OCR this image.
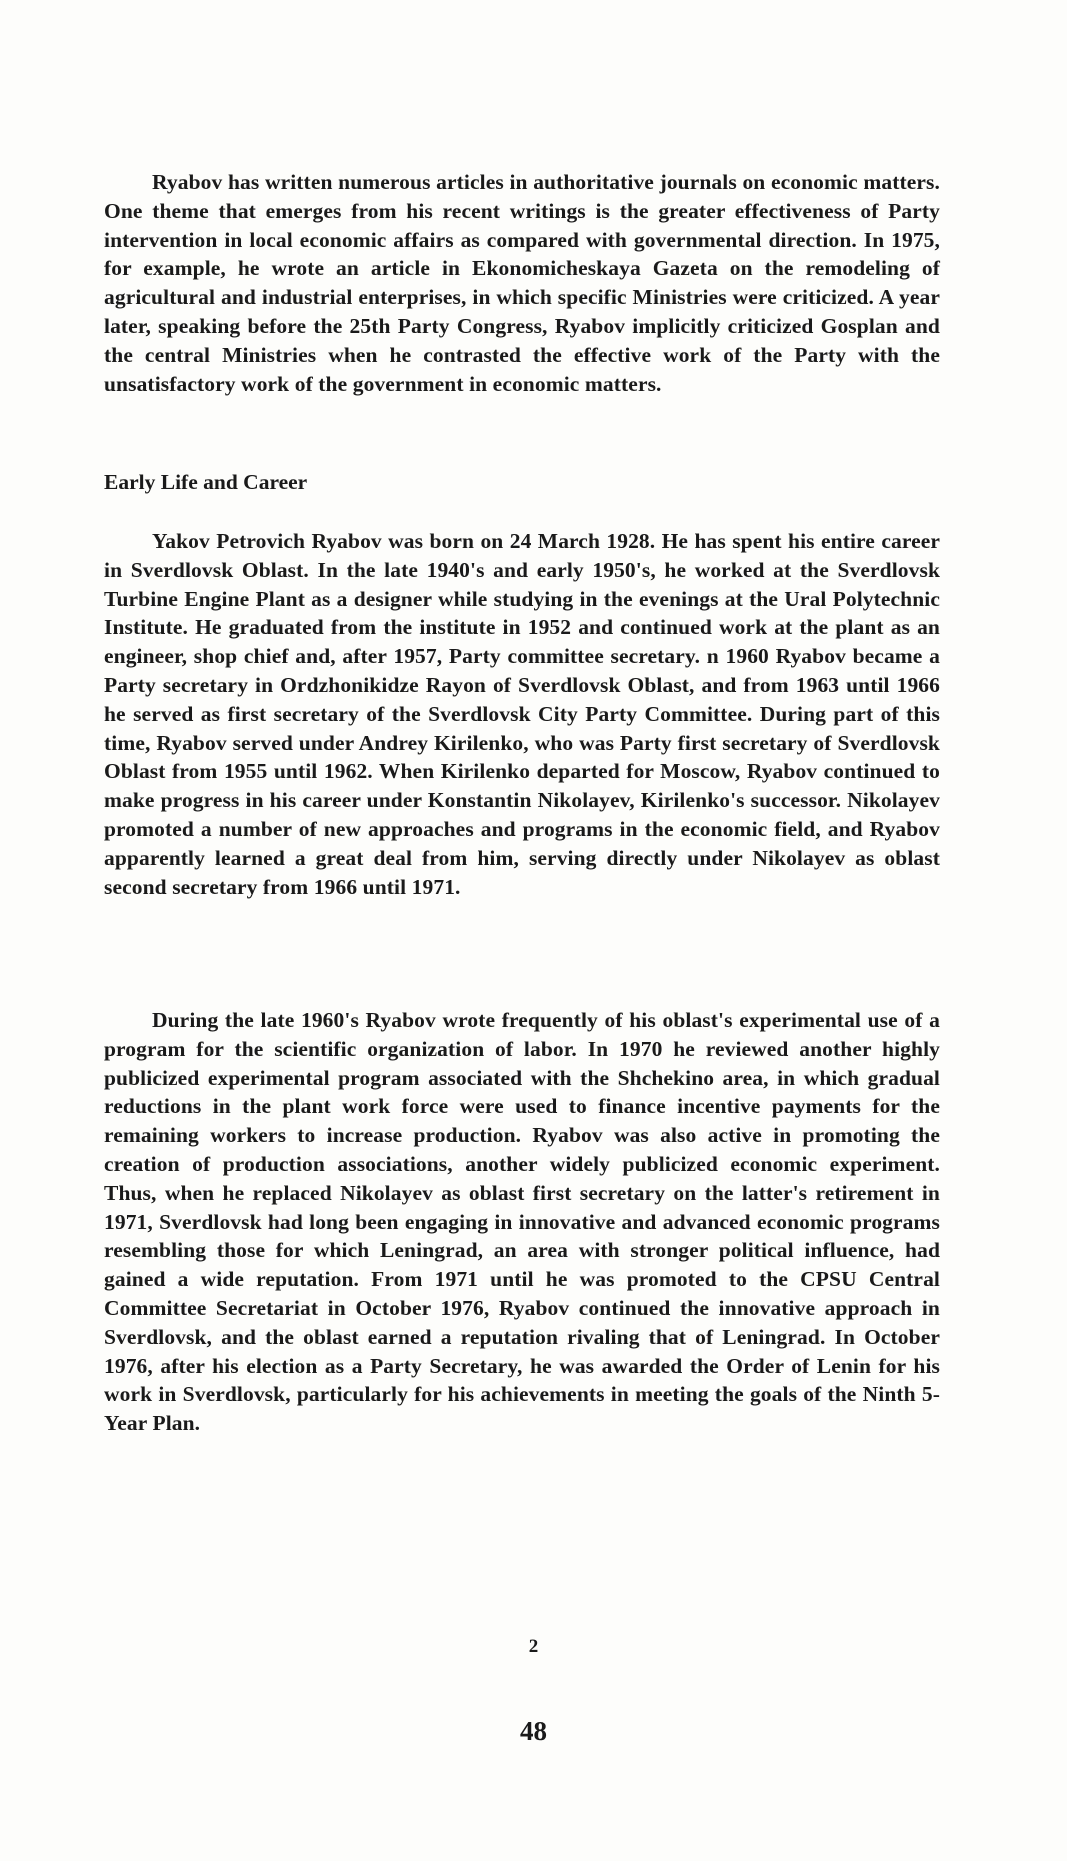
Ryabov has written numerous articles in authoritative journals on economic matters. One theme that emerges from his recent writings is the greater effectiveness of Party intervention in local economic affairs as compared with governmental direction. In 1975, for example, he wrote an article in Ekonomicheskaya Gazeta on the remodeling of agricultural and industrial enterprises, in which specific Ministries were criticized. A year later, speaking before the 25th Party Congress, Ryabov implicitly criticized Gosplan and the central Ministries when he contrasted the effective work of the Party with the unsatisfactory work of the government in economic matters.

Early Life and Career

Yakov Petrovich Ryabov was born on 24 March 1928. He has spent his entire career in Sverdlovsk Oblast. In the late 1940's and early 1950's, he worked at the Sverdlovsk Turbine Engine Plant as a designer while studying in the evenings at the Ural Polytechnic Institute. He graduated from the institute in 1952 and continued work at the plant as an engineer, shop chief and, after 1957, Party committee secretary. n 1960 Ryabov became a Party secretary in Ordzhonikidze Rayon of Sverdlovsk Oblast, and from 1963 until 1966 he served as first secretary of the Sverdlovsk City Party Committee. During part of this time, Ryabov served under Andrey Kirilenko, who was Party first secretary of Sverdlovsk Oblast from 1955 until 1962. When Kirilenko departed for Moscow, Ryabov continued to make progress in his career under Konstantin Nikolayev, Kirilenko's successor. Nikolayev promoted a number of new approaches and programs in the economic field, and Ryabov apparently learned a great deal from him, serving directly under Nikolayev as oblast second secretary from 1966 until 1971.

During the late 1960's Ryabov wrote frequently of his oblast's experimental use of a program for the scientific organization of labor. In 1970 he reviewed another highly publicized experimental program associated with the Shchekino area, in which gradual reductions in the plant work force were used to finance incentive payments for the remaining workers to increase production. Ryabov was also active in promoting the creation of production associations, another widely publicized economic experiment. Thus, when he replaced Nikolayev as oblast first secretary on the latter's retirement in 1971, Sverdlovsk had long been engaging in innovative and advanced economic programs resembling those for which Leningrad, an area with stronger political influence, had gained a wide reputation. From 1971 until he was promoted to the CPSU Central Committee Secretariat in October 1976, Ryabov continued the innovative approach in Sverdlovsk, and the oblast earned a reputation rivaling that of Leningrad. In October 1976, after his election as a Party Secretary, he was awarded the Order of Lenin for his work in Sverdlovsk, particularly for his achievements in meeting the goals of the Ninth 5-Year Plan.

2

48
